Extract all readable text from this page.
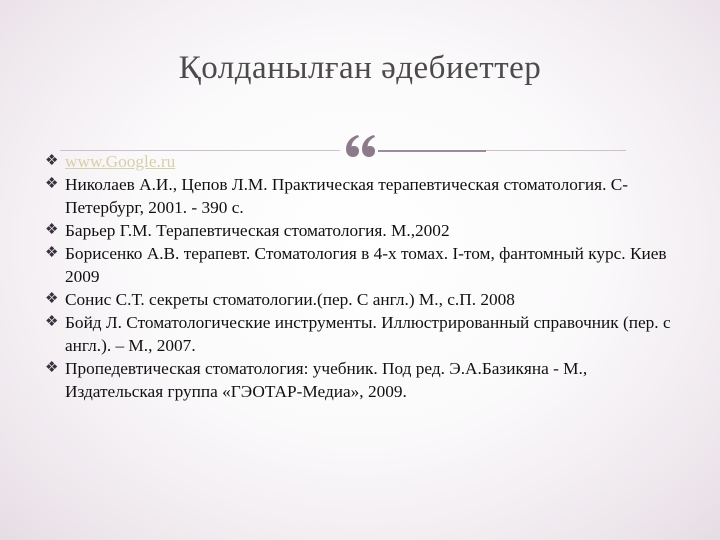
Қолданылған әдебиеттер
❖ www.Google.ru
❖ Николаев А.И., Цепов Л.М. Практическая терапевтическая стоматология. С-Петербург, 2001. - 390 с.
❖ Барьер Г.М. Терапевтическая стоматология. М.,2002
❖ Борисенко А.В. терапевт. Стоматология в 4-х томах. І-том, фантомный курс. Киев 2009
❖ Сонис С.Т. секреты стоматологии.(пер. С англ.) М., с.П. 2008
❖ Бойд Л. Стоматологические инструменты. Иллюстрированный справочник (пер. с англ.). – М., 2007.
❖ Пропедевтическая стоматология: учебник. Под ред. Э.А.Базикяна - М., Издательская группа «ГЭОТАР-Медиа», 2009.
